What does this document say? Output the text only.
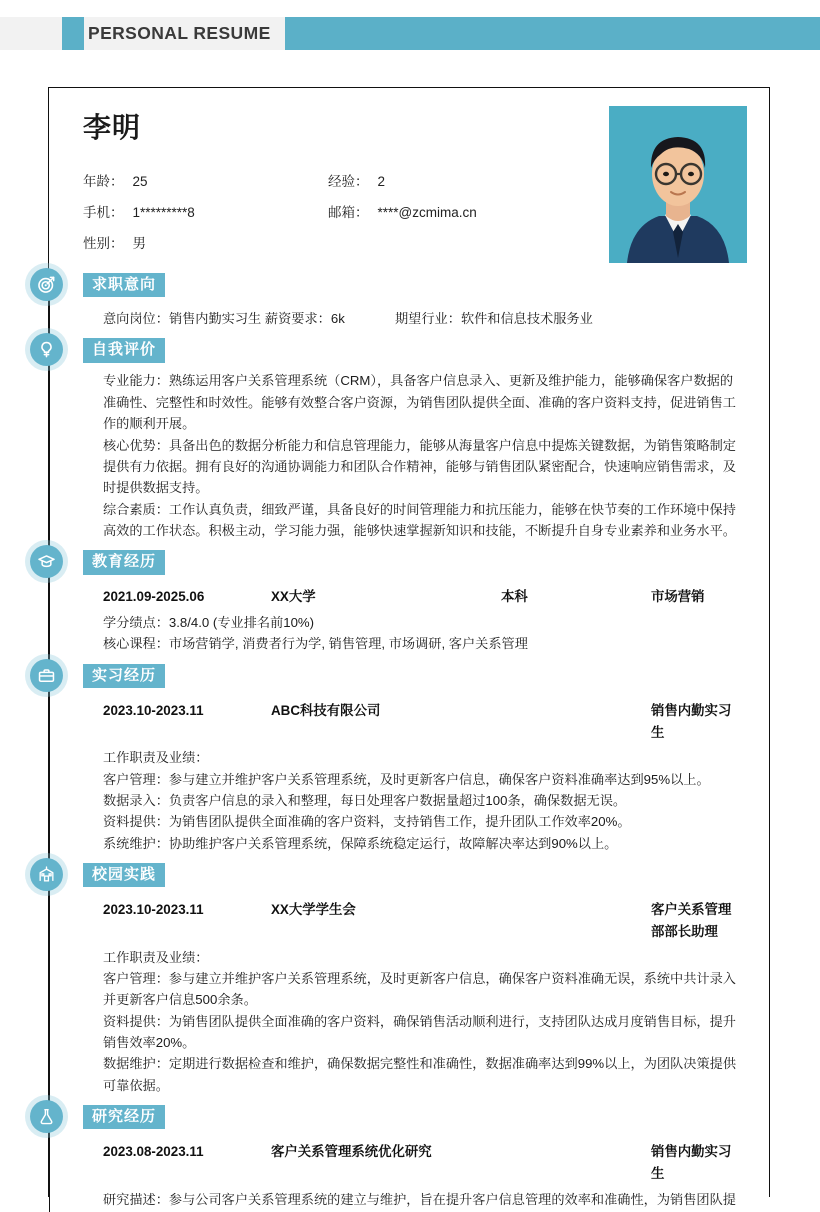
PERSONAL RESUME
李明
年龄： 25	经验： 2
手机： 1*********8	邮箱： ****@zcmima.cn
性别： 男
求职意向
意向岗位：销售内勤实习生 薪资要求：6k	期望行业：软件和信息技术服务业
自我评价

专业能力：熟练运用客户关系管理系统（CRM），具备客户信息录入、更新及维护能力，能够确保客户数据的准确性、完整性和时效性。能够有效整合客户资源，为销售团队提供全面、准确的客户资料支持，促进销售工作的顺利开展。

核心优势：具备出色的数据分析能力和信息管理能力，能够从海量客户信息中提炼关键数据，为销售策略制定提供有力依据。拥有良好的沟通协调能力和团队合作精神，能够与销售团队紧密配合，快速响应销售需求，及时提供数据支持。

综合素质：工作认真负责，细致严谨，具备良好的时间管理能力和抗压能力，能够在快节奏的工作环境中保持高效的工作状态。积极主动，学习能力强，能够快速掌握新知识和技能，不断提升自身专业素养和业务水平。

教育经历
2021.09-2025.06	XX大学	本科	市场营销

学分绩点：3.8/4.0 (专业排名前10%)

核心课程：市场营销学, 消费者行为学, 销售管理, 市场调研, 客户关系管理

实习经历
2023.10-2023.11	ABC科技有限公司	销售内勤实习生

工作职责及业绩：

客户管理：参与建立并维护客户关系管理系统，及时更新客户信息，确保客户资料准确率达到95%以上。

数据录入：负责客户信息的录入和整理，每日处理客户数据量超过100条，确保数据无误。

资料提供：为销售团队提供全面准确的客户资料，支持销售工作，提升团队工作效率20%。

系统维护：协助维护客户关系管理系统，保障系统稳定运行，故障解决率达到90%以上。

校园实践
2023.10-2023.11	XX大学学生会	客户关系管理部部长助理

工作职责及业绩：

客户管理：参与建立并维护客户关系管理系统，及时更新客户信息，确保客户资料准确无误，系统中共计录入并更新客户信息500余条。

资料提供：为销售团队提供全面准确的客户资料，确保销售活动顺利进行，支持团队达成月度销售目标，提升销售效率20%。

数据维护：定期进行数据检查和维护，确保数据完整性和准确性，数据准确率达到99%以上，为团队决策提供可靠依据。

研究经历
2023.08-2023.11	客户关系管理系统优化研究	销售内勤实习生

研究描述：参与公司客户关系管理系统的建立与维护，旨在提升客户信息管理的效率和准确性，为销售团队提
